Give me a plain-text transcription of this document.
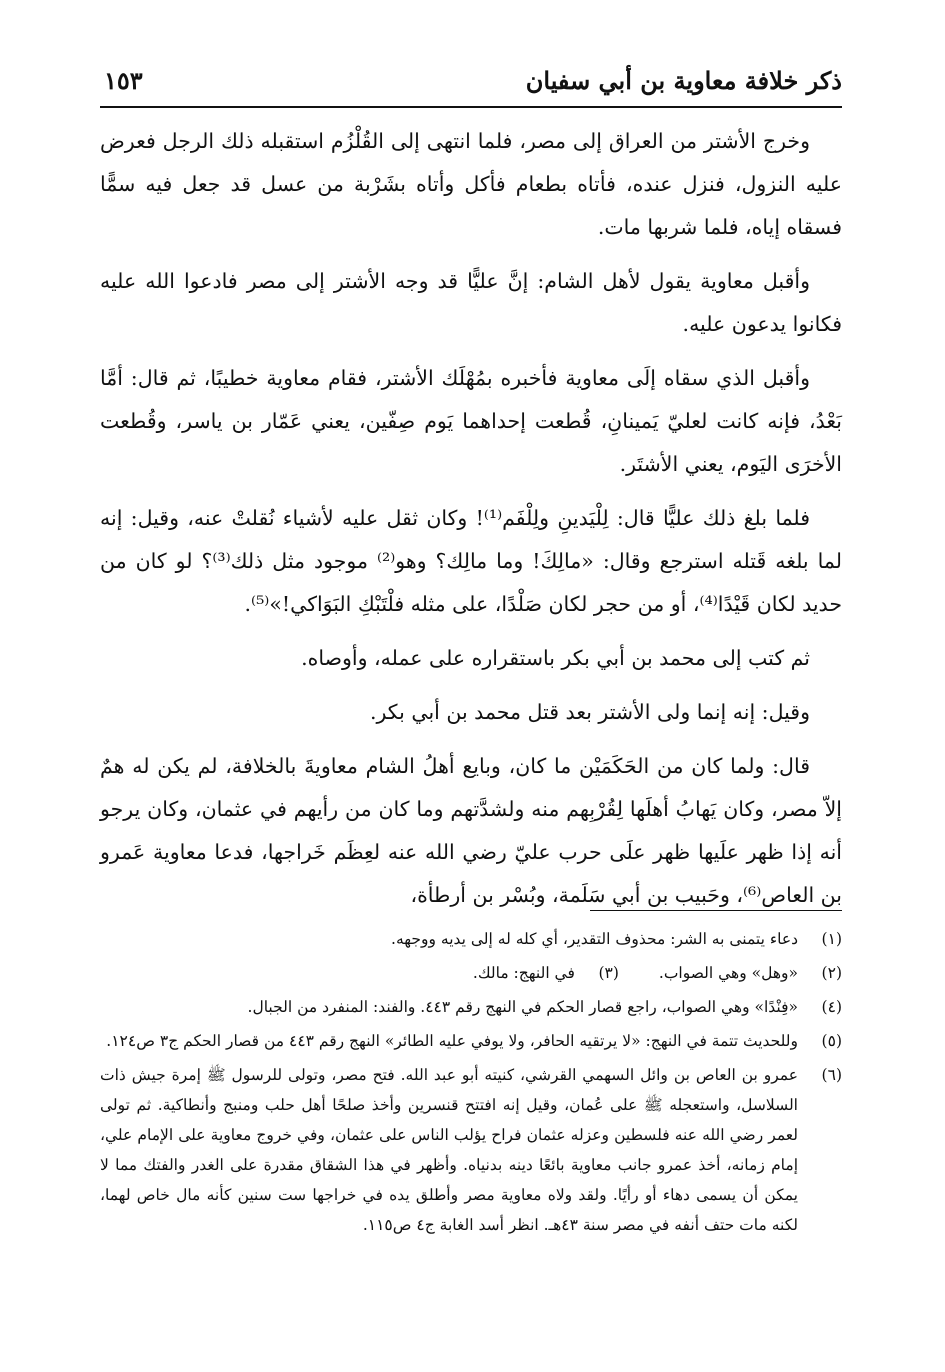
ذكر خلافة معاوية بن أبي سفيان
١٥٣

وخرج الأشتر من العراق إلى مصر، فلما انتهى إلى القُلْزُم استقبله ذلك الرجل فعرض عليه النزول، فنزل عنده، فأتاه بطعام فأكل وأتاه بشَرْبة من عسل قد جعل فيه سمًّا فسقاه إياه، فلما شربها مات.

وأقبل معاوية يقول لأهل الشام: إنَّ عليًّا قد وجه الأشتر إلى مصر فادعوا الله عليه فكانوا يدعون عليه.

وأقبل الذي سقاه إلَى معاوية فأخبره بمُهْلَك الأشتر، فقام معاوية خطيبًا، ثم قال: أمَّا بَعْدُ، فإنه كانت لعليّ يَمينانِ، قُطعت إحداهما يَوم صِفّين، يعني عَمّار بن ياسر، وقُطعت الأخرَى اليَوم، يعني الأشتَر.

فلما بلغ ذلك عليًّا قال: لِلْيَدينِ ولِلْفَم⁽¹⁾! وكان ثقل عليه لأشياء نُقلتْ عنه، وقيل: إنه لما بلغه قَتله استرجع وقال: «مالِكَ! وما مالِك؟ وهو⁽²⁾ موجود مثل ذلك⁽³⁾؟ لو كان من حديد لكان قَيْدًا⁽⁴⁾، أو من حجر لكان صَلْدًا، على مثله فلْتَبْكِ البَوَاكي!»⁽⁵⁾.

ثم كتب إلى محمد بن أبي بكر باستقراره على عمله، وأوصاه.

وقيل: إنه إنما ولى الأشتر بعد قتل محمد بن أبي بكر.

قال: ولما كان من الحَكَمَيْن ما كان، وبايع أهلُ الشام معاويةَ بالخلافة، لم يكن له همٌ إلاّ مصر، وكان يَهابُ أهلَها لِقُرْبِهم منه ولشدَّتهم وما كان من رأيهم في عثمان، وكان يرجو أنه إذا ظهر علَيها ظهر علَى حرب عليّ رضي الله عنه لعِظَم خَراجها، فدعا معاوية عَمرو بن العاص⁽⁶⁾، وحَبيب بن أبي سَلَمة، وبُسْر بن أرطأة،

(١)
دعاء يتمنى به الشر: محذوف التقدير، أي كله له إلى يديه ووجهه.
(٢)
«وهل» وهي الصواب.
(٣)
في النهج: مالك.
(٤)
«فِنْدًا» وهي الصواب، راجع قصار الحكم في النهج رقم ٤٤٣. والفند: المنفرد من الجبال.
(٥)
وللحديث تتمة في النهج: «لا يرتقيه الحافر، ولا يوفي عليه الطائر» النهج رقم ٤٤٣ من قصار الحكم ج٣ ص١٢٤.
(٦)
عمرو بن العاص بن وائل السهمي القرشي، كنيته أبو عبد الله. فتح مصر، وتولى للرسول ﷺ إمرة جيش ذات السلاسل، واستعجله ﷺ على عُمان، وقيل إنه افتتح قنسرين وأخذ صلحًا أهل حلب ومنبج وأنطاكية. ثم تولى لعمر رضي الله عنه فلسطين وعزله عثمان فراح يؤلب الناس على عثمان، وفي خروج معاوية على الإمام علي، إمام زمانه، أخذ عمرو جانب معاوية بائعًا دينه بدنياه. وأظهر في هذا الشقاق مقدرة على الغدر والفتك مما لا يمكن أن يسمى دهاء أو رأيًا. ولقد ولاه معاوية مصر وأطلق يده في خراجها ست سنين كأنه مال خاص لهما، لكنه مات حتف أنفه في مصر سنة ٤٣هـ. انظر أسد الغابة ج٤ ص١١٥.
